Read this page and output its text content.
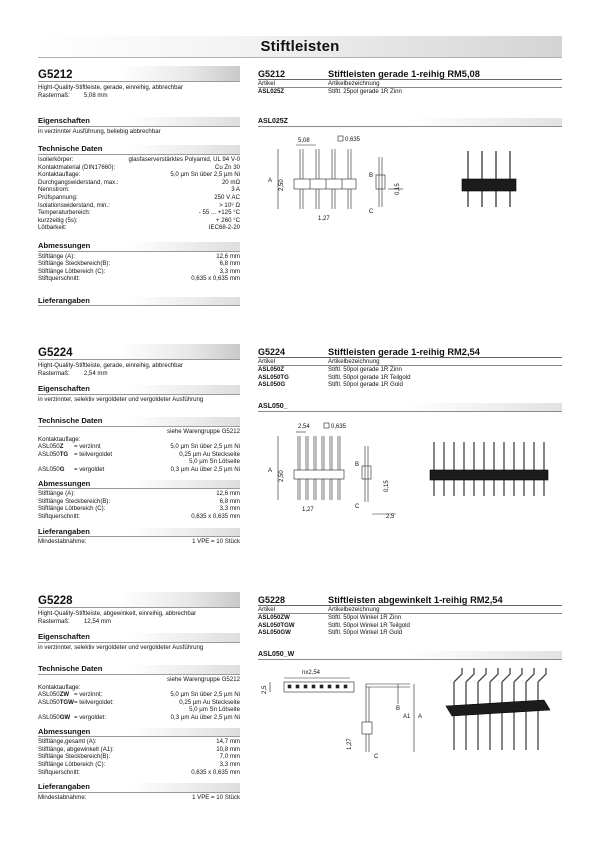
Stiftleisten
G5212
Hight-Quality-Stiftleiste, gerade, einreihig, abbrechbar
Rastermaß: 5,08 mm
Eigenschaften
in verzinnter Ausführung, beliebig abbrechbar
Technische Daten
Isolierkörper:	glasfaserverstärktes Polyamid, UL 94 V-0
Kontaktmaterial (DIN17660):	Cu Zn 30
Kontaktauflage:	5,0 µm Sn über 2,5 µm Ni
Durchgangswiderstand, max.:	20 mΩ
Nennstrom:	3 A
Prüfspannung:	250 V AC
Isolationswiderstand, min.:	> 10⁹ Ω
Temperaturbereich:	- 55 ... +125 °C
kurzzeitig (5s):	+ 260 °C
Lötbarkeit:	IEC68-2-20
Abmessungen
Stiftlänge (A):	12,6 mm
Stiftlänge Steckbereich(B):	6,8 mm
Stiftlänge Lötbereich (C):	3,3 mm
Stiftquerschnitt:	0,635 x 0,635 mm
Lieferangaben
G5212	Stiftleisten gerade 1-reihig RM5,08
Artikel	Artikelbezeichnung
ASL025Z	Stiftl. 25pol gerade 1R Zinn
ASL025Z
5,08	0,635
A 2,50
1,27
B
C
0,15
G5224
Hight-Quality-Stiftleiste, gerade, einreihig, abbrechbar
Rastermaß: 2,54 mm
Eigenschaften
in verzinnter, selektiv vergoldeter und vergoldeter Ausführung
Technische Daten
siehe Warengruppe G5212
Kontaktauflage:
ASL050Z	= verzinnt	5,0 µm Sn über 2,5 µm Ni
ASL050TG = teilvergoldet	0,25 µm Au Steckseite
5,0 µm Sn Lötseite
ASL050G	= vergoldet	0,3 µm Au über 2,5 µm Ni
Abmessungen
Stiftlänge (A):	12,6 mm
Stiftlänge Steckbereich(B):	6,8 mm
Stiftlänge Lötbereich (C):	3,3 mm
Stiftquerschnitt:	0,635 x 0,635 mm
Lieferangaben
Mindestabnahme:	1 VPE = 10 Stück
G5224	Stiftleisten gerade 1-reihig RM2,54
Artikel	Artikelbezeichnung
ASL050Z	Stiftl. 50pol gerade 1R Zinn
ASL050TG	Stiftl. 50pol gerade 1R Teilgold
ASL050G	Stiftl. 50pol gerade 1R Gold
ASL050_
2,54	0,635
A 2,50
1,27
B
C
0,15
2,5
G5228
Hight-Quality-Stiftleiste, abgewinkelt, einreihig, abbrechbar
Rastermaß: 12,54 mm
Eigenschaften
in verzinnter, selektiv vergoldeter und vergoldeter Ausführung
Technische Daten
siehe Warengruppe G5212
Kontaktauflage:
ASL050ZW = verzinnt:	5,0 µm Sn über 2,5 µm Ni
ASL050TGW = teilvergoldet:	0,25 µm Au Steckseite
5,0 µm Sn Lötseite
ASL050GW = vergoldet:	0,3 µm Au über 2,5 µm Ni
Abmessungen
Stiftlänge,gesamt (A):	14,7 mm
Stiftlänge, abgewinkelt (A1):	10,8 mm
Stiftlänge Steckbereich(B):	7,0 mm
Stiftlänge Lötbereich (C):	3,3 mm
Stiftquerschnitt:	0,635 x 0,635 mm
Lieferangaben
Mindestabnahme:	1 VPE = 10 Stück
G5228	Stiftleisten abgewinkelt 1-reihig RM2,54
Artikel	Artikelbezeichnung
ASL050ZW	Stiftl. 50pol Winkel 1R Zinn
ASL050TGW	Stiftl. 50pol Winkel 1R Teilgold
ASL050GW	Stiftl. 50pol Winkel 1R Gold
ASL050_W
nx2,54
2,5
B
A1 A
C
1,27
